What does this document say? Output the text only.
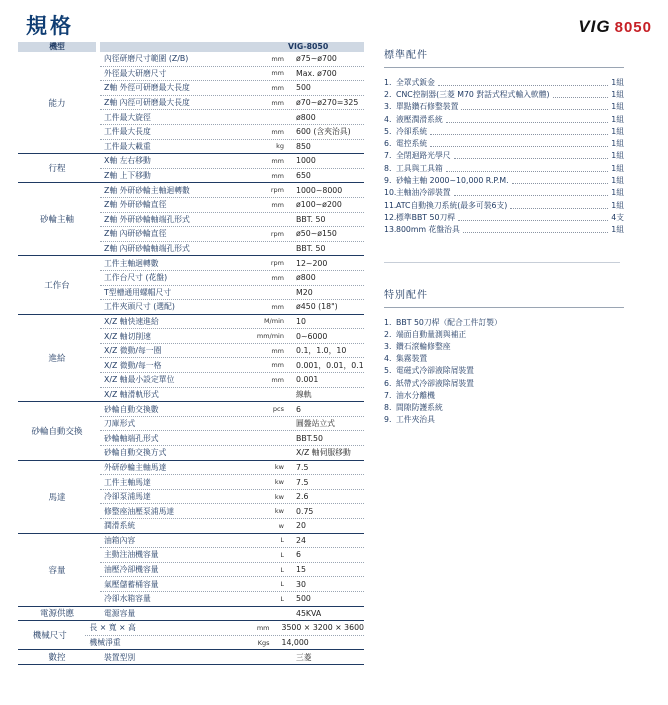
規格	VIG 8050
機型	VIG-8050
能力
內徑研磨尺寸範圍 (Z/B)	mm	ø75~ø700
外徑最大研磨尺寸	mm	Max. ø700
Z軸 外徑可研磨最大長度	mm	500
Z軸 內徑可研磨最大長度	mm	ø70~ø270=325
工件最大旋徑	ø800
工件最大長度	mm	600 (含夾治具)
工件最大載重	kg	850
行程
X軸 左右移動	mm	1000
Z軸 上下移動	mm	650
砂輪主軸
Z軸 外研砂輪主軸迴轉數	rpm	1000~8000
Z軸 外研砂輪直徑	mm	ø100~ø200
Z軸 外研砂輪軸端孔形式	BBT. 50
Z軸 內研砂輪直徑	rpm	ø50~ø150
Z軸 內研砂輪軸端孔形式	BBT. 50
工作台
工件主軸迴轉數	rpm	12~200
工作台尺寸 (花盤)	mm	ø800
T型槽通用螺帽尺寸	M20
工件夾頭尺寸 (選配)	mm	ø450 (18")
進給
X/Z 軸快速進給	M/min	10
X/Z 軸切削速	mm/min	0~6000
X/Z 微動/每一圈	mm	0.1，1.0，10
X/Z 微動/每一格	mm	0.001，0.01，0.1
X/Z 軸最小設定單位	mm	0.001
X/Z 軸滑軌形式	線軌
砂輪自動交換
砂輪自動交換數	pcs	6
刀庫形式	圓盤站立式
砂輪軸端孔形式	BBT.50
砂輪自動交換方式	X/Z 軸伺服移動
馬達
外研砂輪主軸馬達	kw	7.5
工件主軸馬達	kw	7.5
冷卻泵浦馬達	kw	2.6
修整座油壓泵浦馬達	kw	0.75
潤滑系統	w	20
容量
油箱內容	L	24
主動注油機容量	L	6
油壓冷卻機容量	L	15
氣壓儲蓄桶容量	L	30
冷卻水箱容量	L	500
電源供應	電源容量	45KVA
機械尺寸
長 × 寬 × 高	mm	3500 × 3200 × 3600
機械淨重	Kgs	14,000
數控	裝置型別	三菱
標準配件
1. 全罩式鈑金	1組
2. CNC控制器(三菱 M70 對話式程式輸入軟體)	1組
3. 單點鑽石修整裝置	1組
4. 液壓潤滑系統	1組
5. 冷卻系統	1組
6. 電控系統	1組
7. 全閉迴路光學尺	1組
8. 工具與工具箱	1組
9. 砂輪主軸 2000~10,000 R.P.M.	1組
10. 主軸油冷卻裝置	1組
11. ATC自動換刀系統(最多可裝6支)	1組
12. 標準BBT 50刀桿	4支
13. 800mm 花盤治具	1組
特別配件
1. BBT 50刀桿（配合工件訂製）
2. 端面自動量測與補正
3. 鑽石滾輪修整座
4. 集霧裝置
5. 電磁式冷卻液除屑裝置
6. 紙帶式冷卻液除屑裝置
7. 油水分離機
8. 間隙防護系統
9. 工件夾治具
